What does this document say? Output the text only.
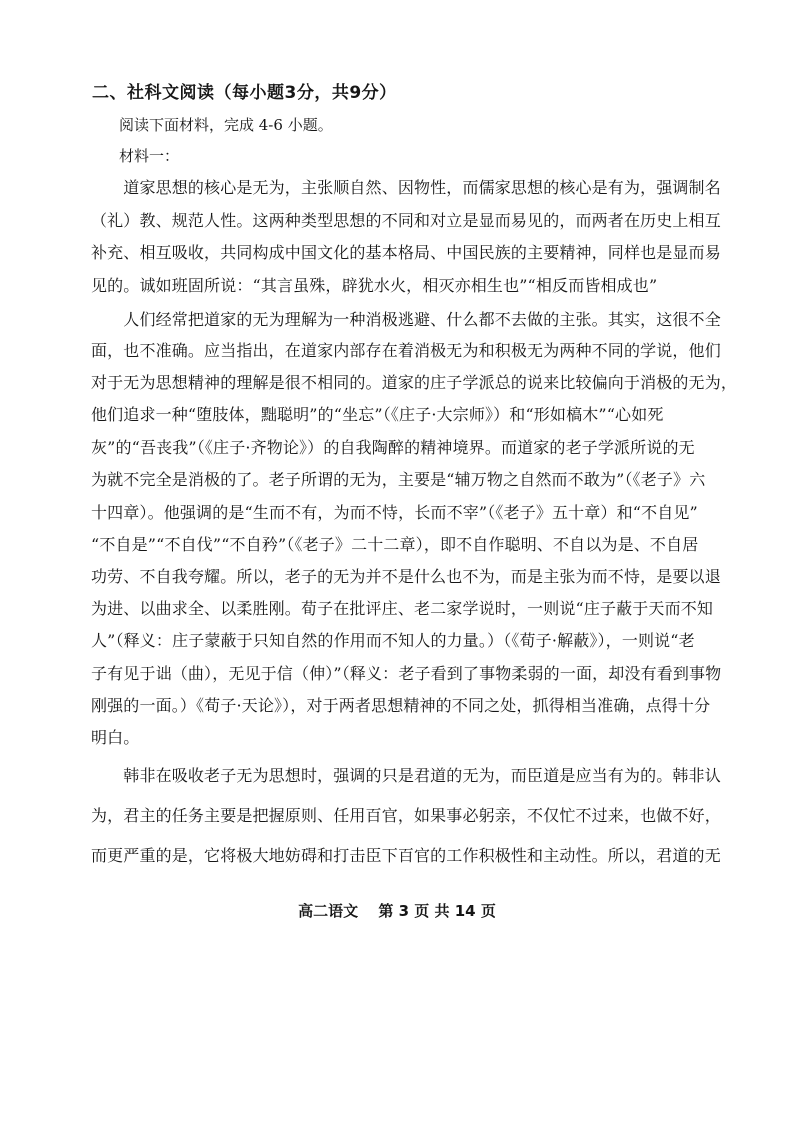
二、社科文阅读（每小题3分，共9分）
阅读下面材料，完成 4-6 小题。
材料一：
　　道家思想的核心是无为，主张顺自然、因物性，而儒家思想的核心是有为，强调制名
（礼）教、规范人性。这两种类型思想的不同和对立是显而易见的，而两者在历史上相互
补充、相互吸收，共同构成中国文化的基本格局、中国民族的主要精神，同样也是显而易
见的。诚如班固所说：“其言虽殊，辟犹水火，相灭亦相生也”“相反而皆相成也”
　　人们经常把道家的无为理解为一种消极逃避、什么都不去做的主张。其实，这很不全
面，也不准确。应当指出，在道家内部存在着消极无为和积极无为两种不同的学说，他们
对于无为思想精神的理解是很不相同的。道家的庄子学派总的说来比较偏向于消极的无为，
他们追求一种“堕肢体，黜聪明”的“坐忘”（《庄子·大宗师》）和“形如槁木”“心如死
灰”的“吾丧我”（《庄子·齐物论》）的自我陶醉的精神境界。而道家的老子学派所说的无
为就不完全是消极的了。老子所谓的无为，主要是“辅万物之自然而不敢为”（《老子》六
十四章）。他强调的是“生而不有，为而不恃，长而不宰”（《老子》五十章）和“不自见”
“不自是”“不自伐”“不自矜”（《老子》二十二章），即不自作聪明、不自以为是、不自居
功劳、不自我夸耀。所以，老子的无为并不是什么也不为，而是主张为而不恃，是要以退
为进、以曲求全、以柔胜刚。荀子在批评庄、老二家学说时，一则说“庄子蔽于天而不知
人”（释义：庄子蒙蔽于只知自然的作用而不知人的力量。）（《荀子·解蔽》），一则说“老
子有见于诎（曲），无见于信（伸）”（释义：老子看到了事物柔弱的一面，却没有看到事物
刚强的一面。）《荀子·天论》），对于两者思想精神的不同之处，抓得相当准确，点得十分
明白。
　　韩非在吸收老子无为思想时，强调的只是君道的无为，而臣道是应当有为的。韩非认
为，君主的任务主要是把握原则、任用百官，如果事必躬亲，不仅忙不过来，也做不好，
而更严重的是，它将极大地妨碍和打击臣下百官的工作积极性和主动性。所以，君道的无
高二语文　 第 3 页 共 14 页
